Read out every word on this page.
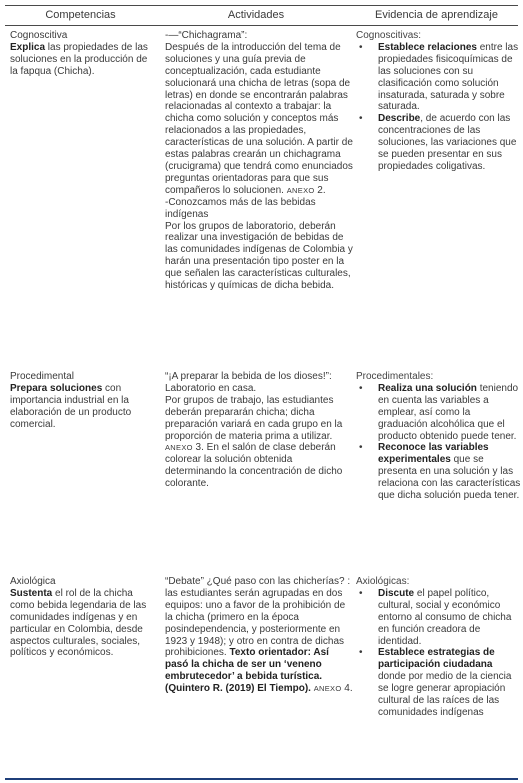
Competencias	Actividades	Evidencia de aprendizaje
Cognoscitiva
Explica las propiedades de las soluciones en la producción de la fapqua (Chicha).
-—“Chichagrama”:
Después de la introducción del tema de soluciones y una guía previa de conceptualización, cada estudiante solucionará una chicha de letras (sopa de letras) en donde se encontrarán palabras relacionadas al contexto a trabajar: la chicha como solución y conceptos más relacionados a las propiedades, características de una solución. A partir de estas palabras crearán un chichagrama (crucigrama) que tendrá como enunciados preguntas orientadoras para que sus compañeros lo solucionen. ANEXO 2.
-Conozcamos más de las bebidas indígenas
Por los grupos de laboratorio, deberán realizar una investigación de bebidas de las comunidades indígenas de Colombia y harán una presentación tipo poster en la que señalen las características culturales, históricas y químicas de dicha bebida.
Cognoscitivas:
• Establece relaciones entre las propiedades fisicoquímicas de las soluciones con su clasificación como solución insaturada, saturada y sobre saturada.
• Describe, de acuerdo con las concentraciones de las soluciones, las variaciones que se pueden presentar en sus propiedades coligativas.
Procedimental
Prepara soluciones con importancia industrial en la elaboración de un producto comercial.
“¡A preparar la bebida de los dioses!”: Laboratorio en casa.
Por grupos de trabajo, las estudiantes deberán prepararán chicha; dicha preparación variará en cada grupo en la proporción de materia prima a utilizar. ANEXO 3. En el salón de clase deberán colorear la solución obtenida determinando la concentración de dicho colorante.
Procedimentales:
• Realiza una solución teniendo en cuenta las variables a emplear, así como la graduación alcohólica que el producto obtenido puede tener.
• Reconoce las variables experimentales que se presenta en una solución y las relaciona con las características que dicha solución pueda tener.
Axiológica
Sustenta el rol de la chicha como bebida legendaria de las comunidades indígenas y en particular en Colombia, desde aspectos culturales, sociales, políticos y económicos.
“Debate” ¿Qué paso con las chicherías? : las estudiantes serán agrupadas en dos equipos: uno a favor de la prohibición de la chicha (primero en la época posindependencia, y posteriormente en 1923 y 1948); y otro en contra de dichas prohibiciones. Texto orientador: Así pasó la chicha de ser un ‘veneno embrutecedor’ a bebida turística. (Quintero R. (2019) El Tiempo). ANEXO 4.
Axiológicas:
• Discute el papel político, cultural, social y económico entorno al consumo de chicha en función creadora de identidad.
• Establece estrategias de participación ciudadana donde por medio de la ciencia se logre generar apropiación cultural de las raíces de las comunidades indígenas
